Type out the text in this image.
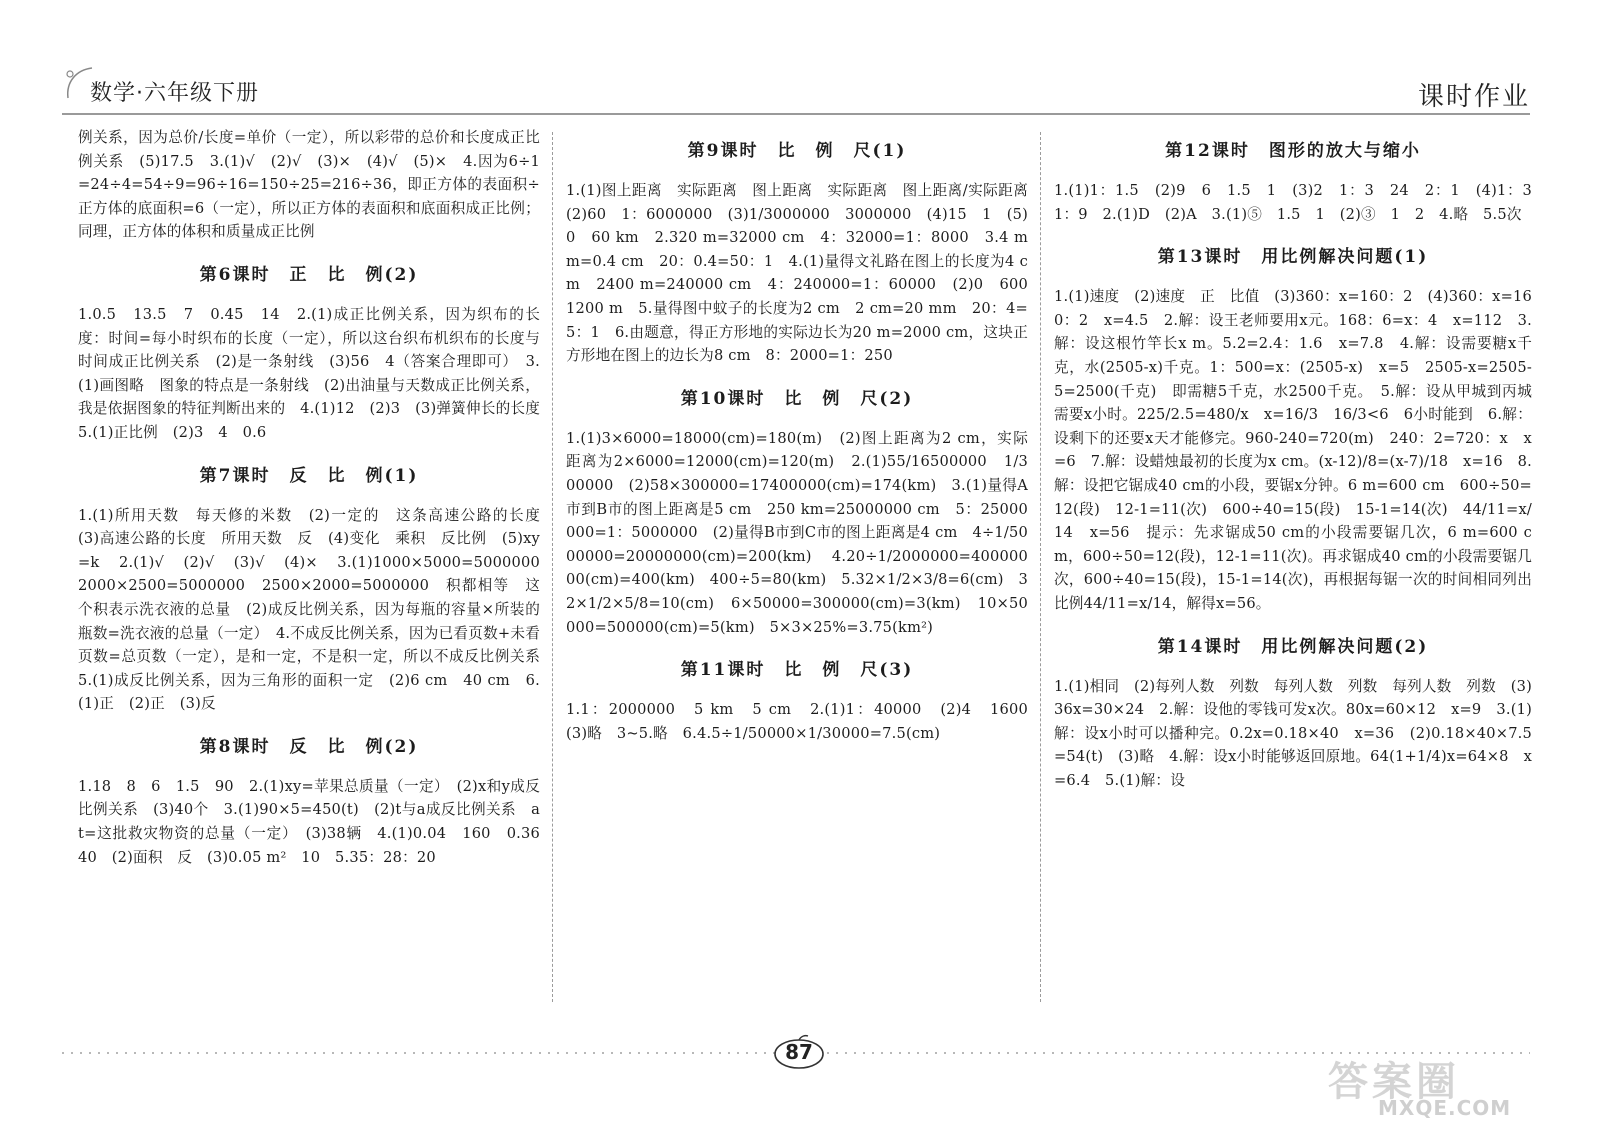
数学·六年级下册	课时作业

例关系，因为总价/长度=单价（一定），所以彩带的总价和长度成正比例关系　(5)17.5　3.(1)√　(2)√　(3)×　(4)√　(5)×　4.因为6÷1=24÷4=54÷9=96÷16=150÷25=216÷36，即正方体的表面积÷正方体的底面积=6（一定），所以正方体的表面积和底面积成正比例；同理，正方体的体积和质量成正比例

第6课时　正　比　例(2)

1.0.5　13.5　7　0.45　14　2.(1)成正比例关系，因为织布的长度：时间=每小时织布的长度（一定），所以这台织布机织布的长度与时间成正比例关系　(2)是一条射线　(3)56　4（答案合理即可）　3.(1)画图略　图象的特点是一条射线　(2)出油量与天数成正比例关系，我是依据图象的特征判断出来的　4.(1)12　(2)3　(3)弹簧伸长的长度　5.(1)正比例　(2)3　4　0.6

第7课时　反　比　例(1)

1.(1)所用天数　每天修的米数　(2)一定的　这条高速公路的长度　(3)高速公路的长度　所用天数　反　(4)变化　乘积　反比例　(5)xy=k　2.(1)√　(2)√　(3)√　(4)×　3.(1)1000×5000=5000000　2000×2500=5000000　2500×2000=5000000　积都相等　这个积表示洗衣液的总量　(2)成反比例关系，因为每瓶的容量×所装的瓶数=洗衣液的总量（一定）　4.不成反比例关系，因为已看页数+未看页数=总页数（一定），是和一定，不是积一定，所以不成反比例关系　5.(1)成反比例关系，因为三角形的面积一定　(2)6 cm　40 cm　6.(1)正　(2)正　(3)反

第8课时　反　比　例(2)

1.18　8　6　1.5　90　2.(1)xy=苹果总质量（一定）　(2)x和y成反比例关系　(3)40个　3.(1)90×5=450(t)　(2)t与a成反比例关系　at=这批救灾物资的总量（一定）　(3)38辆　4.(1)0.04　160　0.36　40　(2)面积　反　(3)0.05 m²　10　5.35：28：20

第9课时　比　例　尺(1)

1.(1)图上距离　实际距离　图上距离　实际距离　图上距离/实际距离　(2)60　1：6000000　(3)1/3000000　3000000　(4)15　1　(5)0　60 km　2.320 m=32000 cm　4：32000=1：8000　3.4 mm=0.4 cm　20：0.4=50：1　4.(1)量得文礼路在图上的长度为4 cm　2400 m=240000 cm　4：240000=1：60000　(2)0　600　1200 m　5.量得图中蚊子的长度为2 cm　2 cm=20 mm　20：4=5：1　6.由题意，得正方形地的实际边长为20 m=2000 cm，这块正方形地在图上的边长为8 cm　8：2000=1：250

第10课时　比　例　尺(2)

1.(1)3×6000=18000(cm)=180(m)　(2)图上距离为2 cm，实际距离为2×6000=12000(cm)=120(m)　2.(1)55/16500000　1/300000　(2)58×300000=17400000(cm)=174(km)　3.(1)量得A市到B市的图上距离是5 cm　250 km=25000000 cm　5：25000000=1：5000000　(2)量得B市到C市的图上距离是4 cm　4÷1/5000000=20000000(cm)=200(km)　4.20÷1/2000000=40000000(cm)=400(km)　400÷5=80(km)　5.32×1/2×3/8=6(cm)　32×1/2×5/8=10(cm)　6×50000=300000(cm)=3(km)　10×50000=500000(cm)=5(km)　5×3×25%=3.75(km²)

第11课时　比　例　尺(3)

1.1：2000000　5 km　5 cm　2.(1)1：40000　(2)4　1600　(3)略　3~5.略　6.4.5÷1/50000×1/30000=7.5(cm)

第12课时　图形的放大与缩小

1.(1)1：1.5　(2)9　6　1.5　1　(3)2　1：3　24　2：1　(4)1：3　1：9　2.(1)D　(2)A　3.(1)⑤　1.5　1　(2)③　1　2　4.略　5.5次

第13课时　用比例解决问题(1)

1.(1)速度　(2)速度　正　比值　(3)360：x=160：2　(4)360：x=160：2　x=4.5　2.解：设王老师要用x元。168：6=x：4　x=112　3.解：设这根竹竿长x m。5.2=2.4：1.6　x=7.8　4.解：设需要糖x千克，水(2505-x)千克。1：500=x：(2505-x)　x=5　2505-x=2505-5=2500(千克)　即需糖5千克，水2500千克。　5.解：设从甲城到丙城需要x小时。225/2.5=480/x　x=16/3　16/3<6　6小时能到　6.解：设剩下的还要x天才能修完。960-240=720(m)　240：2=720：x　x=6　7.解：设蜡烛最初的长度为x cm。(x-12)/8=(x-7)/18　x=16　8.解：设把它锯成40 cm的小段，要锯x分钟。6 m=600 cm　600÷50=12(段)　12-1=11(次)　600÷40=15(段)　15-1=14(次)　44/11=x/14　x=56　提示：先求锯成50 cm的小段需要锯几次，6 m=600 cm，600÷50=12(段)，12-1=11(次)。再求锯成40 cm的小段需要锯几次，600÷40=15(段)，15-1=14(次)，再根据每锯一次的时间相同列出比例44/11=x/14，解得x=56。

第14课时　用比例解决问题(2)

1.(1)相同　(2)每列人数　列数　每列人数　列数　每列人数　列数　(3)36x=30×24　2.解：设他的零钱可发x次。80x=60×12　x=9　3.(1)解：设x小时可以播种完。0.2x=0.18×40　x=36　(2)0.18×40×7.5=54(t)　(3)略　4.解：设x小时能够返回原地。64(1+1/4)x=64×8　x=6.4　5.(1)解：设

87
答案圈
MXQE.COM
